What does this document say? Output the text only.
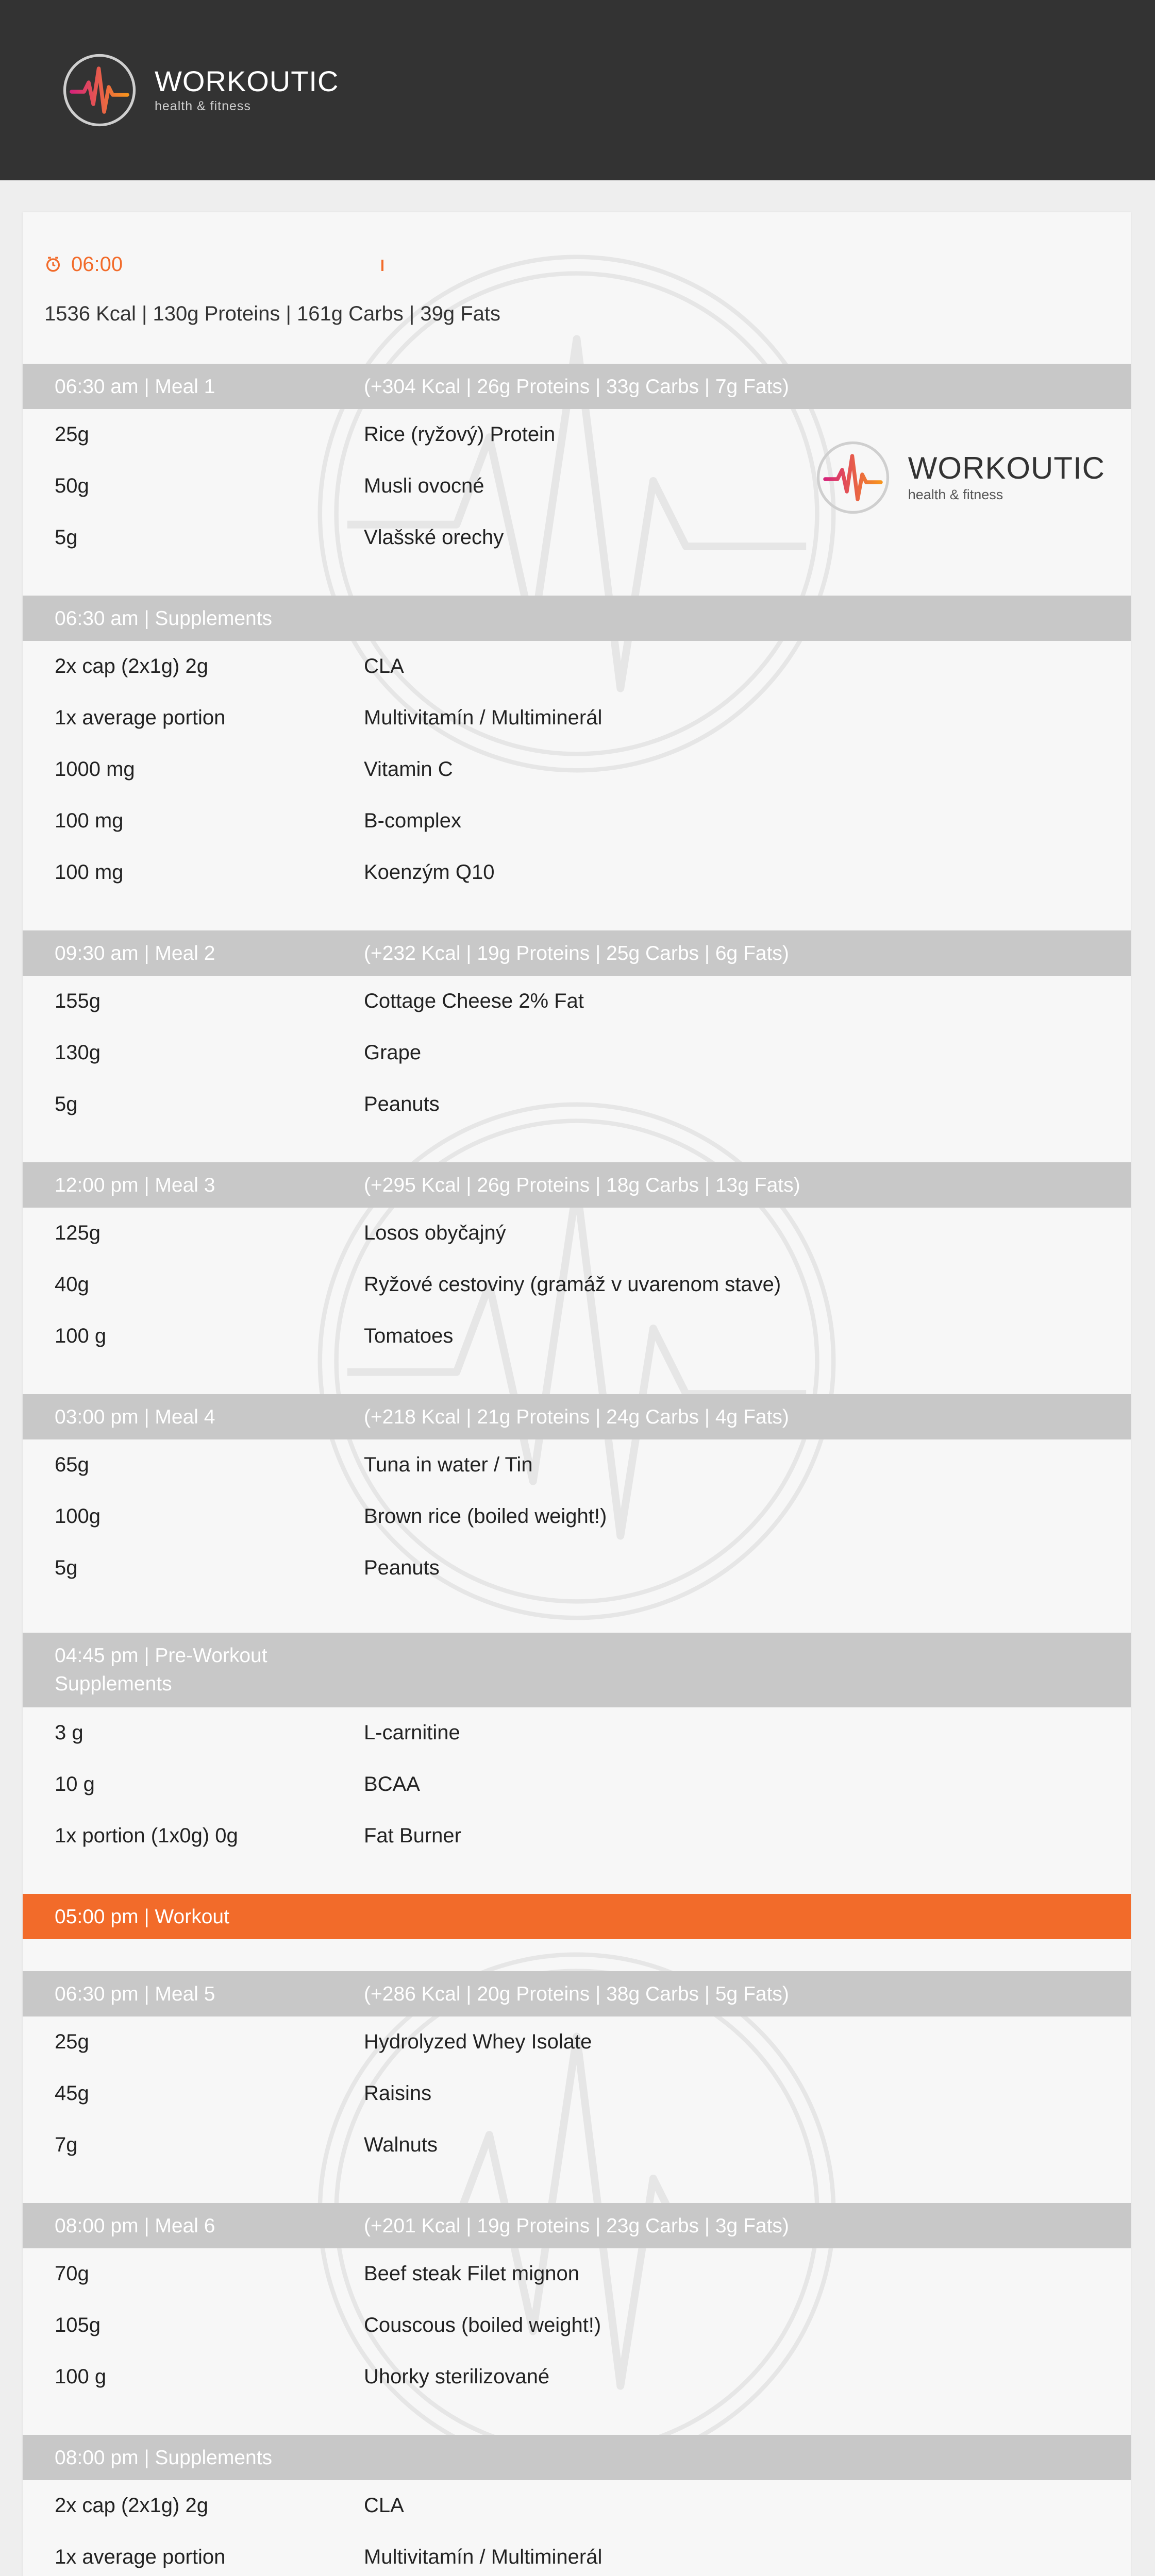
WORKOUTIC
health & fitness
06:00
WORKOUTIC
health & fitness
1536 Kcal | 130g Proteins | 161g Carbs | 39g Fats
06:30 am | Meal 1	(+304 Kcal | 26g Proteins | 33g Carbs | 7g Fats)
25g	Rice (ryžový) Protein
50g	Musli ovocné
5g	Vlašské orechy
06:30 am | Supplements
2x cap (2x1g) 2g	CLA
1x average portion	Multivitamín / Multiminerál
1000 mg	Vitamin C
100 mg	B-complex
100 mg	Koenzým Q10
09:30 am | Meal 2	(+232 Kcal | 19g Proteins | 25g Carbs | 6g Fats)
155g	Cottage Cheese 2% Fat
130g	Grape
5g	Peanuts
12:00 pm | Meal 3	(+295 Kcal | 26g Proteins | 18g Carbs | 13g Fats)
125g	Losos obyčajný
40g	Ryžové cestoviny (gramáž v uvarenom stave)
100 g	Tomatoes
03:00 pm | Meal 4	(+218 Kcal | 21g Proteins | 24g Carbs | 4g Fats)
65g	Tuna in water / Tin
100g	Brown rice (boiled weight!)
5g	Peanuts
04:45 pm | Pre-Workout Supplements
3 g	L-carnitine
10 g	BCAA
1x portion (1x0g) 0g	Fat Burner
05:00 pm | Workout
06:30 pm | Meal 5	(+286 Kcal | 20g Proteins | 38g Carbs | 5g Fats)
25g	Hydrolyzed Whey Isolate
45g	Raisins
7g	Walnuts
08:00 pm | Meal 6	(+201 Kcal | 19g Proteins | 23g Carbs | 3g Fats)
70g	Beef steak Filet mignon
105g	Couscous (boiled weight!)
100 g	Uhorky sterilizované
08:00 pm | Supplements
2x cap (2x1g) 2g	CLA
1x average portion	Multivitamín / Multiminerál
